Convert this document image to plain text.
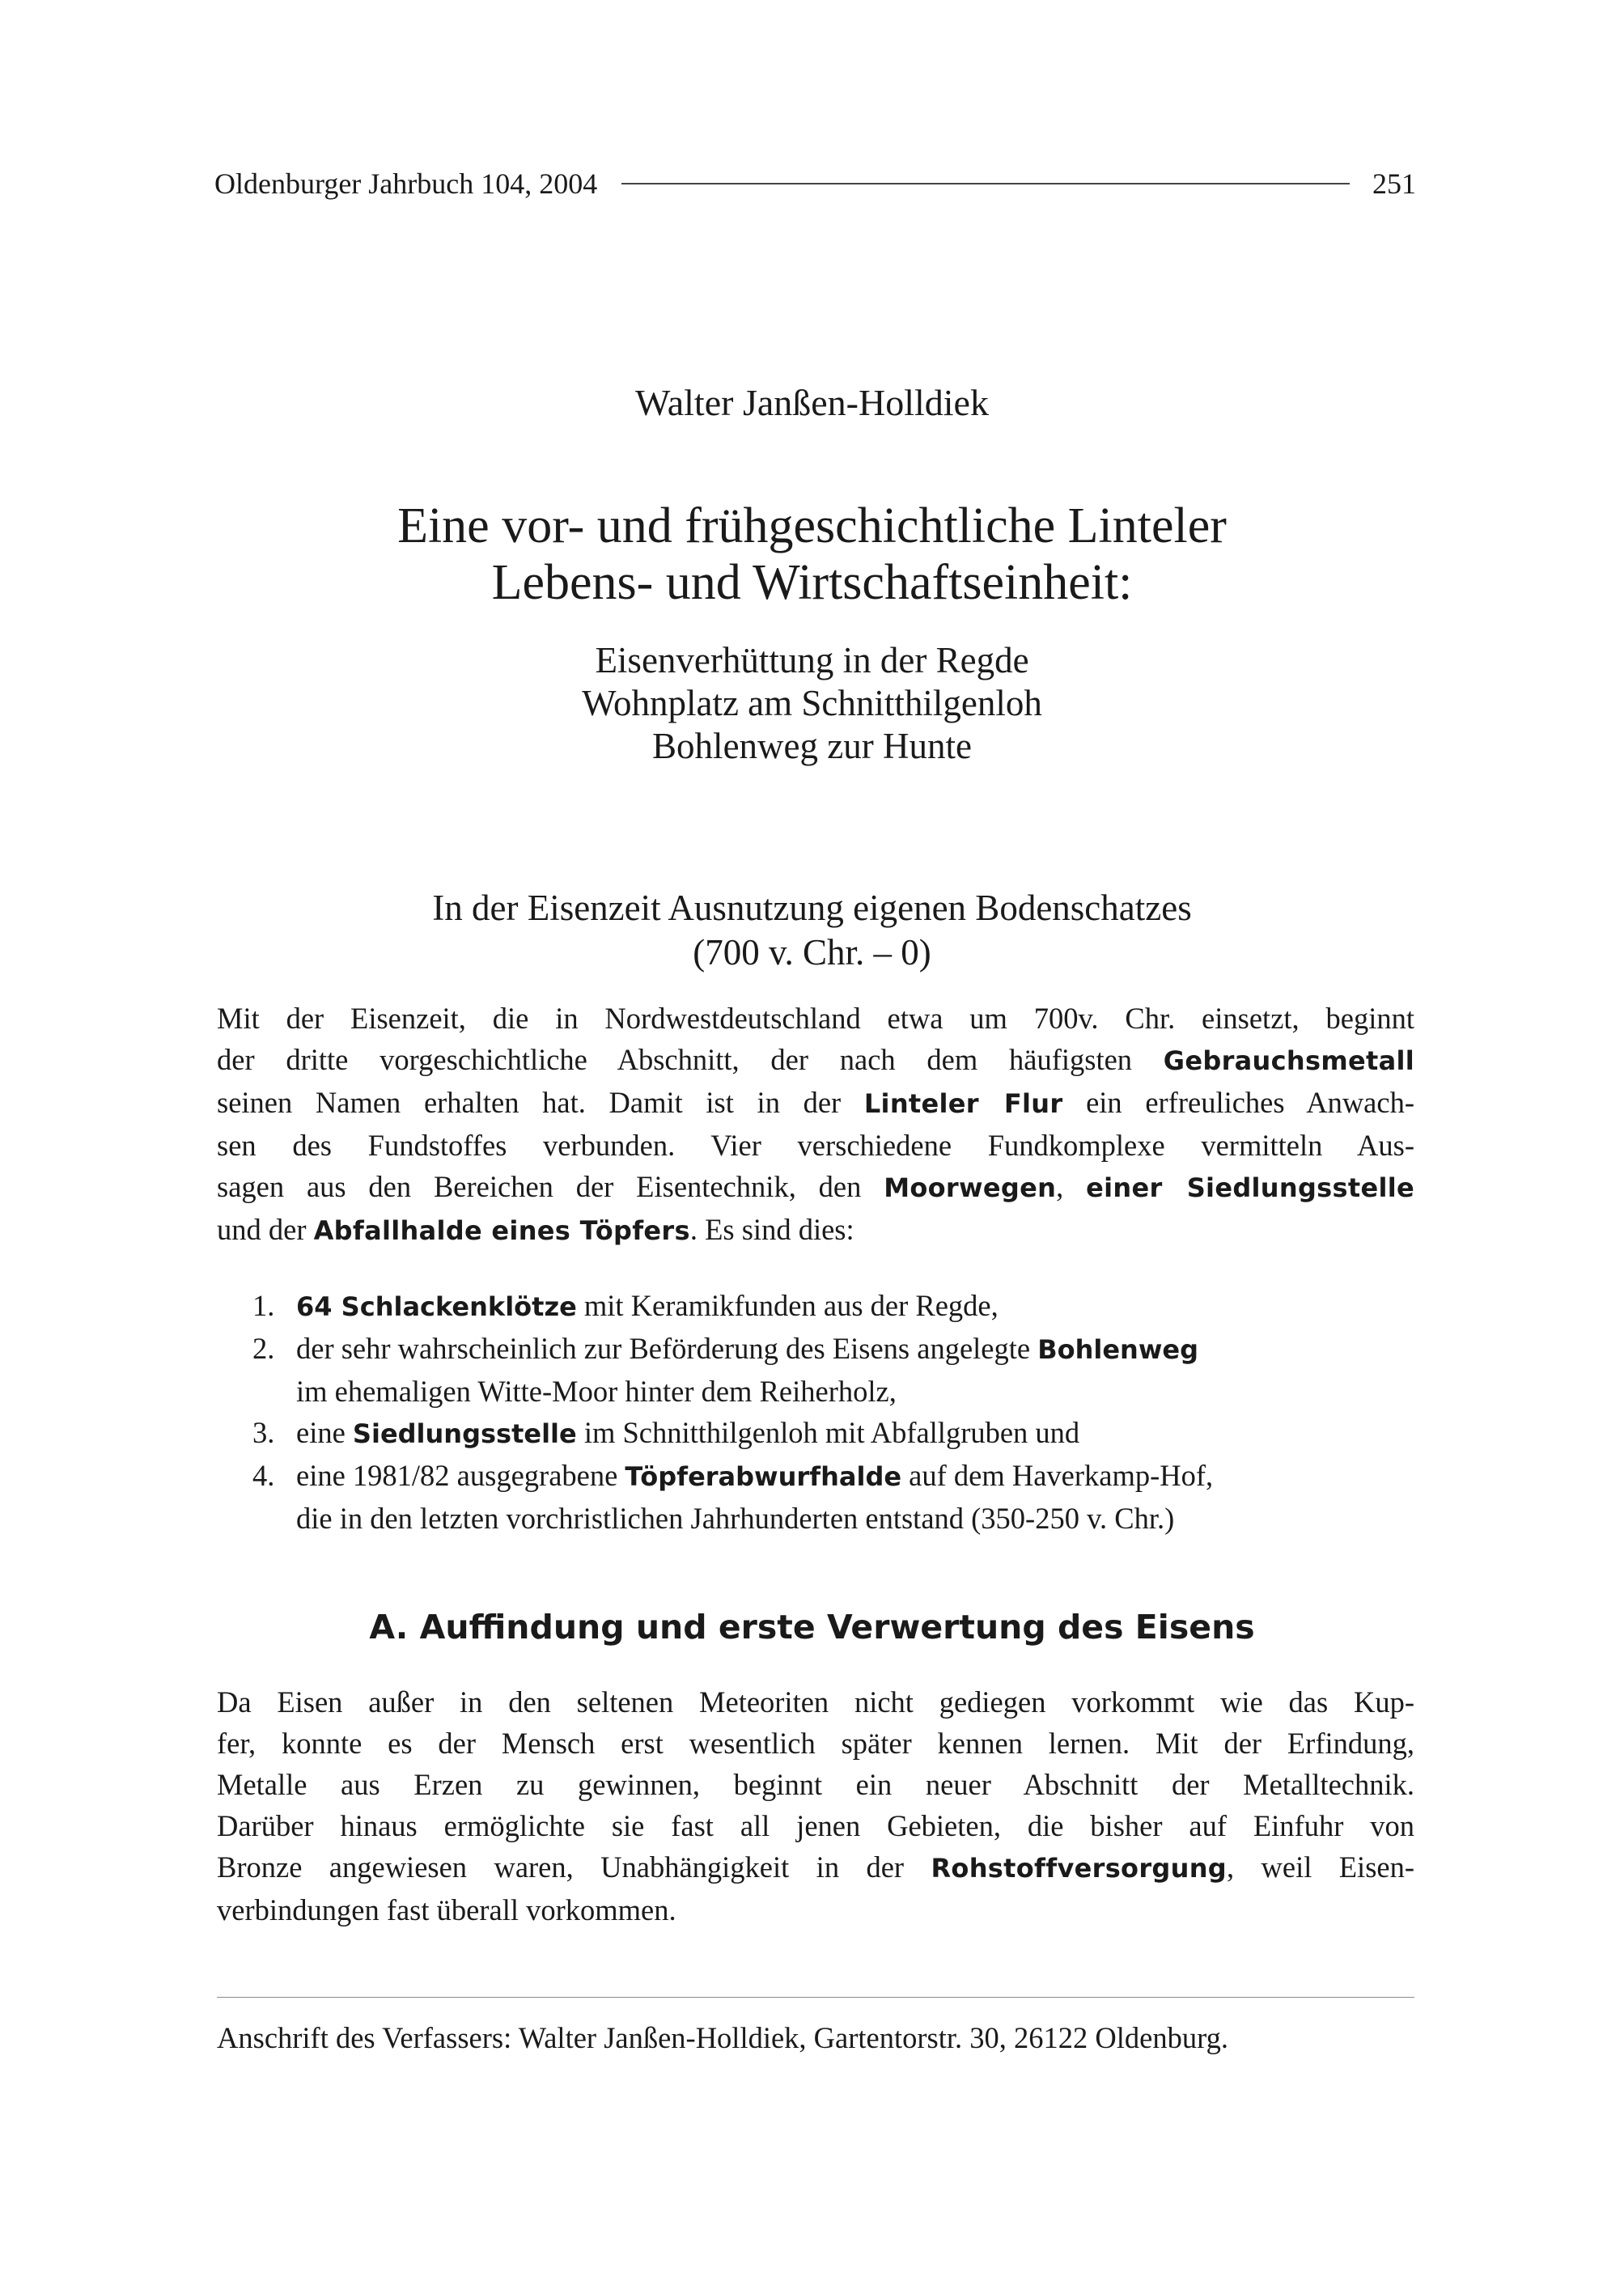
Oldenburger Jahrbuch 104, 2004	251
Walter Janßen-Holldiek
Eine vor- und frühgeschichtliche Linteler
Lebens- und Wirtschaftseinheit:
Eisenverhüttung in der Regde
Wohnplatz am Schnitthilgenloh
Bohlenweg zur Hunte
In der Eisenzeit Ausnutzung eigenen Bodenschatzes
(700 v. Chr. – 0)
Mit der Eisenzeit, die in Nordwestdeutschland etwa um 700v. Chr. einsetzt, beginnt
der dritte vorgeschichtliche Abschnitt, der nach dem häufigsten Gebrauchsmetall
seinen Namen erhalten hat. Damit ist in der Linteler Flur ein erfreuliches Anwach-
sen des Fundstoffes verbunden. Vier verschiedene Fundkomplexe vermitteln Aus-
sagen aus den Bereichen der Eisentechnik, den Moorwegen, einer Siedlungsstelle
und der Abfallhalde eines Töpfers. Es sind dies:
1. 64 Schlackenklötze mit Keramikfunden aus der Regde,
2. der sehr wahrscheinlich zur Beförderung des Eisens angelegte Bohlenweg
im ehemaligen Witte-Moor hinter dem Reiherholz,
3. eine Siedlungsstelle im Schnitthilgenloh mit Abfallgruben und
4. eine 1981/82 ausgegrabene Töpferabwurfhalde auf dem Haverkamp-Hof,
die in den letzten vorchristlichen Jahrhunderten entstand (350-250 v. Chr.)
A. Auffindung und erste Verwertung des Eisens
Da Eisen außer in den seltenen Meteoriten nicht gediegen vorkommt wie das Kup-
fer, konnte es der Mensch erst wesentlich später kennen lernen. Mit der Erfindung,
Metalle aus Erzen zu gewinnen, beginnt ein neuer Abschnitt der Metalltechnik.
Darüber hinaus ermöglichte sie fast all jenen Gebieten, die bisher auf Einfuhr von
Bronze angewiesen waren, Unabhängigkeit in der Rohstoffversorgung, weil Eisen-
verbindungen fast überall vorkommen.
Anschrift des Verfassers: Walter Janßen-Holldiek, Gartentorstr. 30, 26122 Oldenburg.
